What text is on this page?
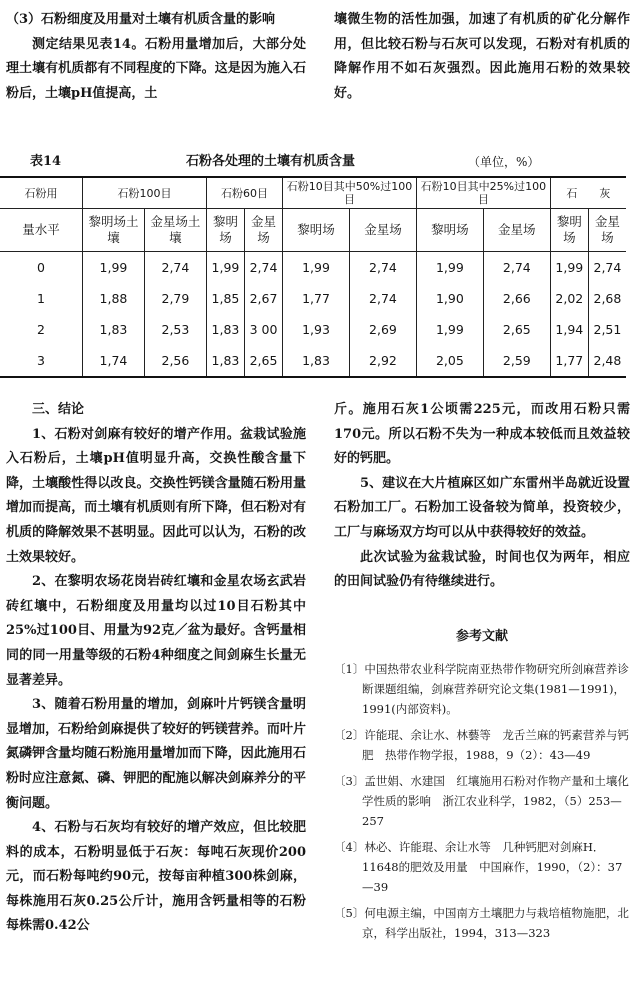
（3）石粉细度及用量对土壤有机质含量的影响

测定结果见表14。石粉用量增加后，大部分处理土壤有机质都有不同程度的下降。这是因为施入石粉后，土壤pH值提高，土

壤微生物的活性加强，加速了有机质的矿化分解作用，但比较石粉与石灰可以发现，石粉对有机质的降解作用不如石灰强烈。因此施用石粉的效果较好。

表14	石粉各处理的土壤有机质含量	（单位，%）
石粉用	石粉100目		石粉60目		石粉10目其中50%过100目		石粉10目其中25%过100目		石　　灰	
量水平	黎明场土壤	金星场土壤	黎明场	金星场	黎明场	金星场	黎明场	金星场	黎明场	金星场
0	1,99	2,74	1,99	2,74	1,99	2,74	1,99	2,74	1,99	2,74
1	1,88	2,79	1,85	2,67	1,77	2,74	1,90	2,66	2,02	2,68
2	1,83	2,53	1,83	3 00	1,93	2,69	1,99	2,65	1,94	2,51
3	1,74	2,56	1,83	2,65	1,83	2,92	2,05	2,59	1,77	2,48

三、结论

1、石粉对剑麻有较好的增产作用。盆栽试验施入石粉后，土壤pH值明显升高，交换性酸含量下降，土壤酸性得以改良。交换性钙镁含量随石粉用量增加而提高，而土壤有机质则有所下降，但石粉对有机质的降解效果不甚明显。因此可以认为，石粉的改土效果较好。

2、在黎明农场花岗岩砖红壤和金星农场玄武岩砖红壤中，石粉细度及用量均以过10目石粉其中25%过100目、用量为92克／盆为最好。含钙量相同的同一用量等级的石粉4种细度之间剑麻生长量无显著差异。

3、随着石粉用量的增加，剑麻叶片钙镁含量明显增加，石粉给剑麻提供了较好的钙镁营养。而叶片氮磷钾含量均随石粉施用量增加而下降，因此施用石粉时应注意氮、磷、钾肥的配施以解决剑麻养分的平衡问题。

4、石粉与石灰均有较好的增产效应，但比较肥料的成本，石粉明显低于石灰：每吨石灰现价200元，而石粉每吨约90元，按每亩种植300株剑麻，每株施用石灰0.25公斤计，施用含钙量相等的石粉每株需0.42公

斤。施用石灰1公顷需225元，而改用石粉只需170元。所以石粉不失为一种成本较低而且效益较好的钙肥。

5、建议在大片植麻区如广东雷州半岛就近设置石粉加工厂。石粉加工设备较为简单，投资较少，工厂与麻场双方均可以从中获得较好的效益。

此次试验为盆栽试验，时间也仅为两年，相应的田间试验仍有待继续进行。

参考文献

〔1〕中国热带农业科学院南亚热带作物研究所剑麻营养诊断课题组编，剑麻营养研究论文集(1981—1991)，1991(内部资料)。

〔2〕许能琨、余让水、林藝等　龙舌兰麻的钙素营养与钙肥　热带作物学报，1988，9（2）：43—49

〔3〕孟世娟、水建国　红壤施用石粉对作物产量和土壤化学性质的影响　浙江农业科学，1982，（5）253—257

〔4〕林必、许能琨、余让水等　几种钙肥对剑麻H．11648的肥效及用量　中国麻作，1990，（2）：37—39

〔5〕何电源主编，中国南方土壤肥力与栽培植物施肥，北京，科学出版社，1994，313—323
